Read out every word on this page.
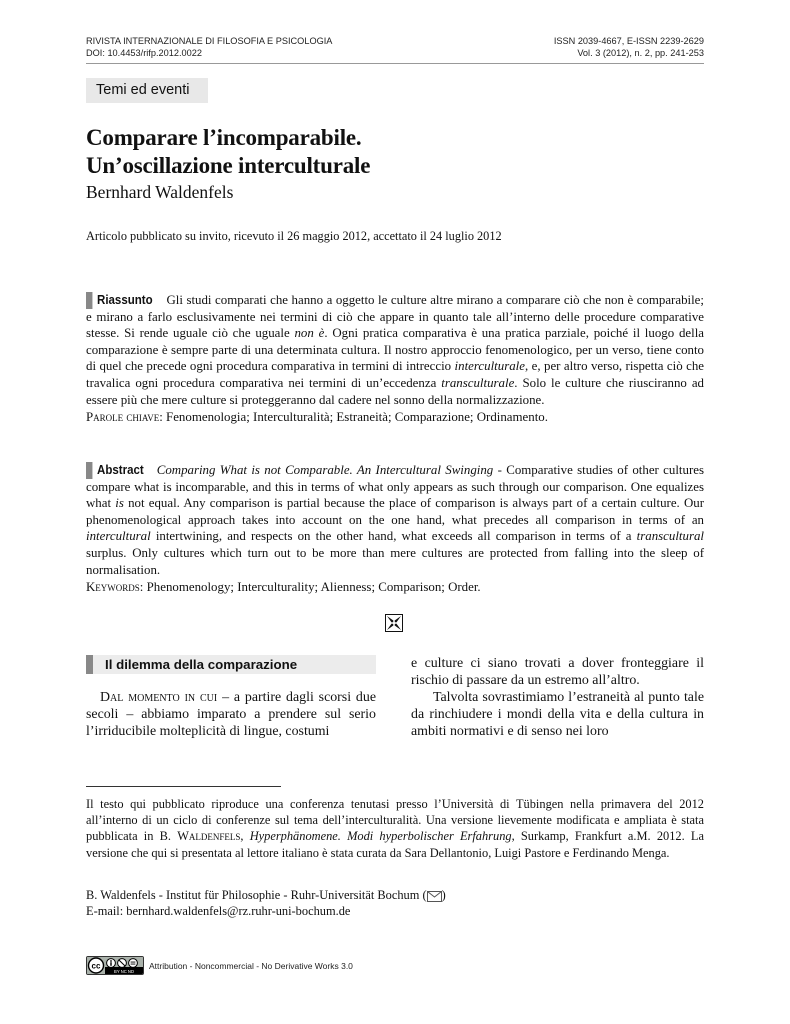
RIVISTA INTERNAZIONALE DI FILOSOFIA E PSICOLOGIA
DOI: 10.4453/rifp.2012.0022
ISSN 2039-4667, E-ISSN 2239-2629
Vol. 3 (2012), n. 2, pp. 241-253
Temi ed eventi
Comparare l’incomparabile.
Un’oscillazione interculturale
Bernhard Waldenfels
Articolo pubblicato su invito, ricevuto il 26 maggio 2012, accettato il 24 luglio 2012
Riassunto Gli studi comparati che hanno a oggetto le culture altre mirano a comparare ciò che non è comparabile; e mirano a farlo esclusivamente nei termini di ciò che appare in quanto tale all’interno delle procedure comparative stesse. Si rende uguale ciò che uguale non è. Ogni pratica comparativa è una pratica parziale, poiché il luogo della comparazione è sempre parte di una determinata cultura. Il nostro approccio fenomenologico, per un verso, tiene conto di quel che precede ogni procedura comparativa in termini di intreccio interculturale, e, per altro verso, rispetta ciò che travalica ogni procedura comparativa nei termini di un’eccedenza transculturale. Solo le culture che riusciranno ad essere più che mere culture si proteggeranno dal cadere nel sonno della normalizzazione.
Parole chiave: Fenomenologia; Interculturalità; Estraneità; Comparazione; Ordinamento.
Abstract Comparing What is not Comparable. An Intercultural Swinging - Comparative studies of other cultures compare what is incomparable, and this in terms of what only appears as such through our comparison. One equalizes what is not equal. Any comparison is partial because the place of comparison is always part of a certain culture. Our phenomenological approach takes into account on the one hand, what precedes all comparison in terms of an intercultural intertwining, and respects on the other hand, what exceeds all comparison in terms of a transcultural surplus. Only cultures which turn out to be more than mere cultures are protected from falling into the sleep of normalisation.
Keywords: Phenomenology; Interculturality; Alienness; Comparison; Order.
Il dilemma della comparazione

Dal momento in cui – a partire dagli scorsi due secoli – abbiamo imparato a prendere sul serio l’irriducibile molteplicità di lingue, costumi

e culture ci siano trovati a dover fronteggiare il rischio di passare da un estremo all’altro.

Talvolta sovrastimiamo l’estraneità al punto tale da rinchiudere i mondi della vita e della cultura in ambiti normativi e di senso nei loro

Il testo qui pubblicato riproduce una conferenza tenutasi presso l’Università di Tübingen nella primavera del 2012 all’interno di un ciclo di conferenze sul tema dell’interculturalità. Una versione lievemente modificata e ampliata è stata pubblicata in B. Waldenfels, Hyperphänomene. Modi hyperbolischer Erfahrung, Surkamp, Frankfurt a.M. 2012. La versione che qui si presentata al lettore italiano è stata curata da Sara Dellantonio, Luigi Pastore e Ferdinando Menga.
B. Waldenfels - Institut für Philosophie - Ruhr-Universität Bochum ( )
E-mail: bernhard.waldenfels@rz.ruhr-uni-bochum.de
cc
BY NC ND
Attribution - Noncommercial - No Derivative Works 3.0
